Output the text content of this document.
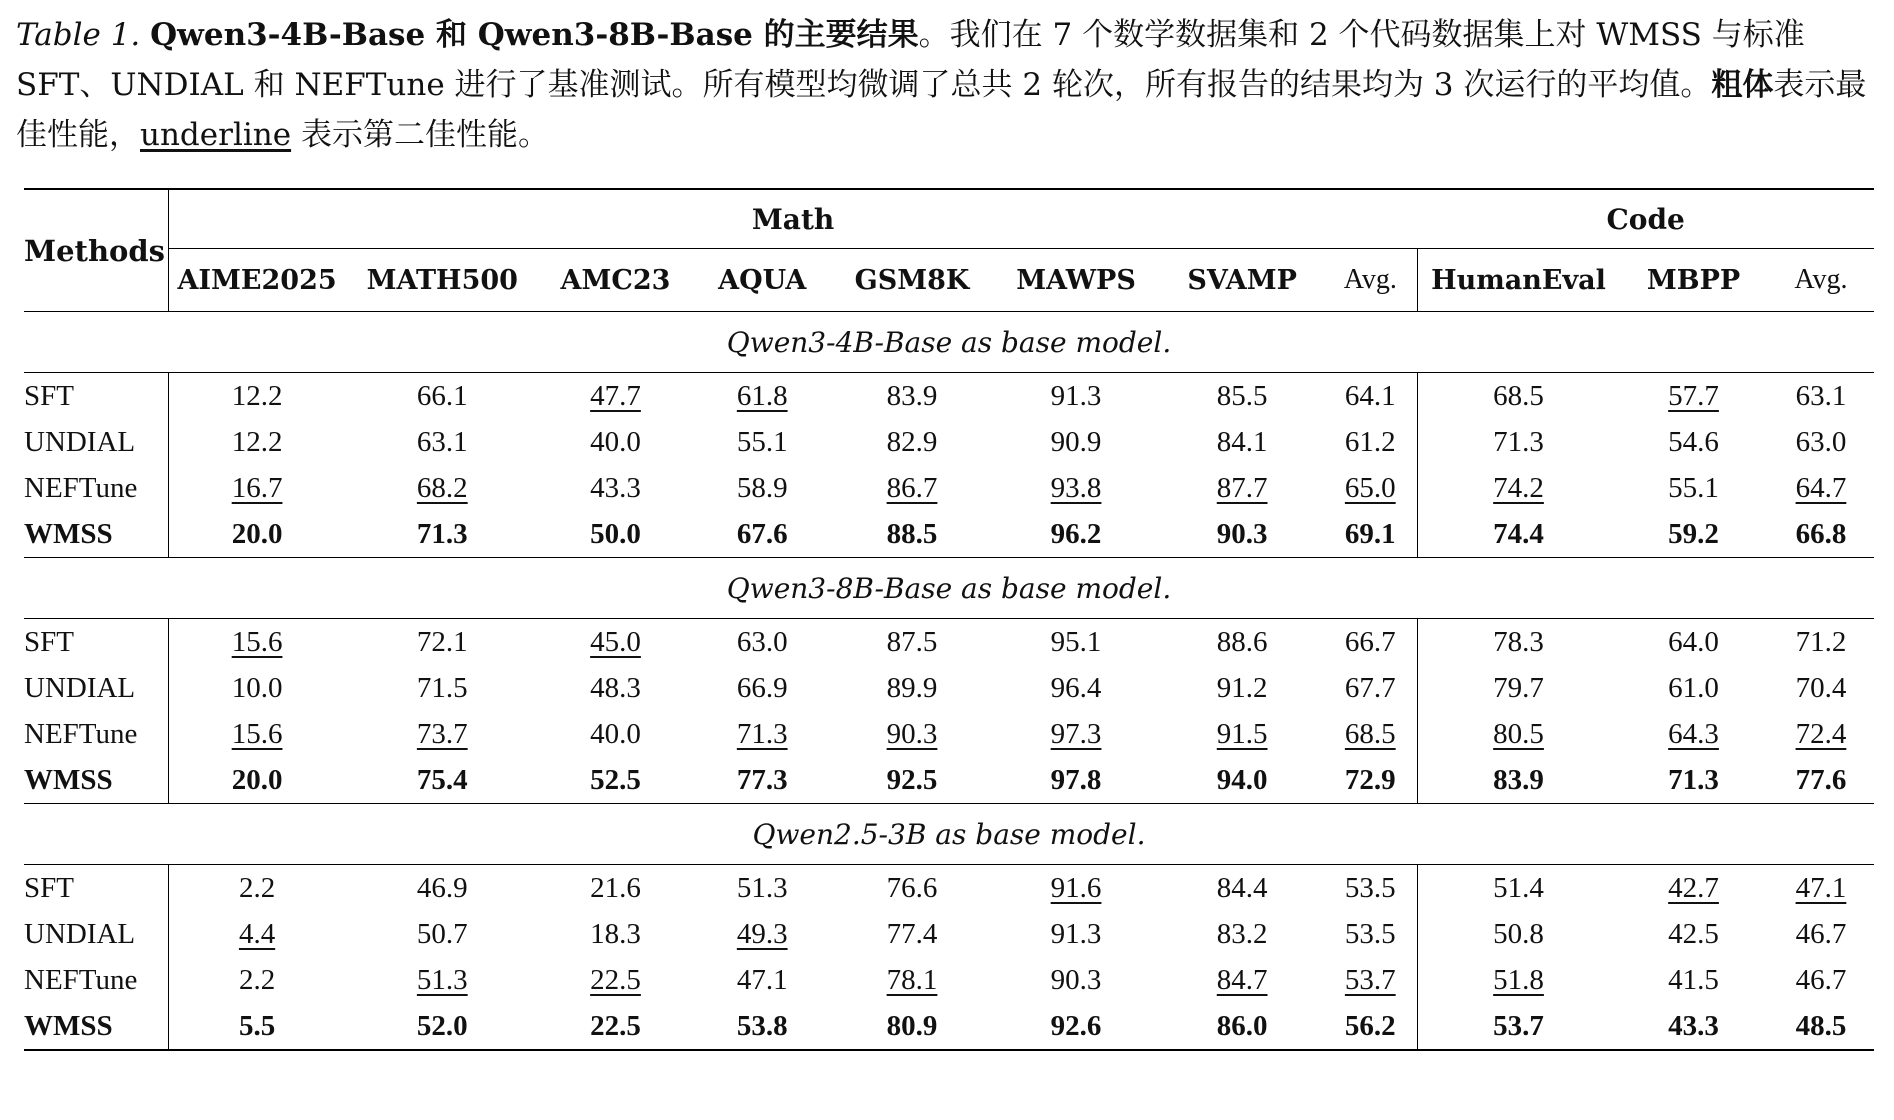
Table 1. Qwen3-4B-Base 和 Qwen3-8B-Base 的主要结果。我们在 7 个数学数据集和 2 个代码数据集上对 WMSS 与标准 SFT、UNDIAL 和 NEFTune 进行了基准测试。所有模型均微调了总共 2 轮次，所有报告的结果均为 3 次运行的平均值。粗体表示最佳性能，underline 表示第二佳性能。
Methods	Math								Code		
	AIME2025	MATH500	AMC23	AQUA	GSM8K	MAWPS	SVAMP	Avg.	HumanEval	MBPP	Avg.
Qwen3-4B-Base as base model.											
SFT	12.2	66.1	47.7	61.8	83.9	91.3	85.5	64.1	68.5	57.7	63.1
UNDIAL	12.2	63.1	40.0	55.1	82.9	90.9	84.1	61.2	71.3	54.6	63.0
NEFTune	16.7	68.2	43.3	58.9	86.7	93.8	87.7	65.0	74.2	55.1	64.7
WMSS	20.0	71.3	50.0	67.6	88.5	96.2	90.3	69.1	74.4	59.2	66.8
Qwen3-8B-Base as base model.											
SFT	15.6	72.1	45.0	63.0	87.5	95.1	88.6	66.7	78.3	64.0	71.2
UNDIAL	10.0	71.5	48.3	66.9	89.9	96.4	91.2	67.7	79.7	61.0	70.4
NEFTune	15.6	73.7	40.0	71.3	90.3	97.3	91.5	68.5	80.5	64.3	72.4
WMSS	20.0	75.4	52.5	77.3	92.5	97.8	94.0	72.9	83.9	71.3	77.6
Qwen2.5-3B as base model.											
SFT	2.2	46.9	21.6	51.3	76.6	91.6	84.4	53.5	51.4	42.7	47.1
UNDIAL	4.4	50.7	18.3	49.3	77.4	91.3	83.2	53.5	50.8	42.5	46.7
NEFTune	2.2	51.3	22.5	47.1	78.1	90.3	84.7	53.7	51.8	41.5	46.7
WMSS	5.5	52.0	22.5	53.8	80.9	92.6	86.0	56.2	53.7	43.3	48.5
